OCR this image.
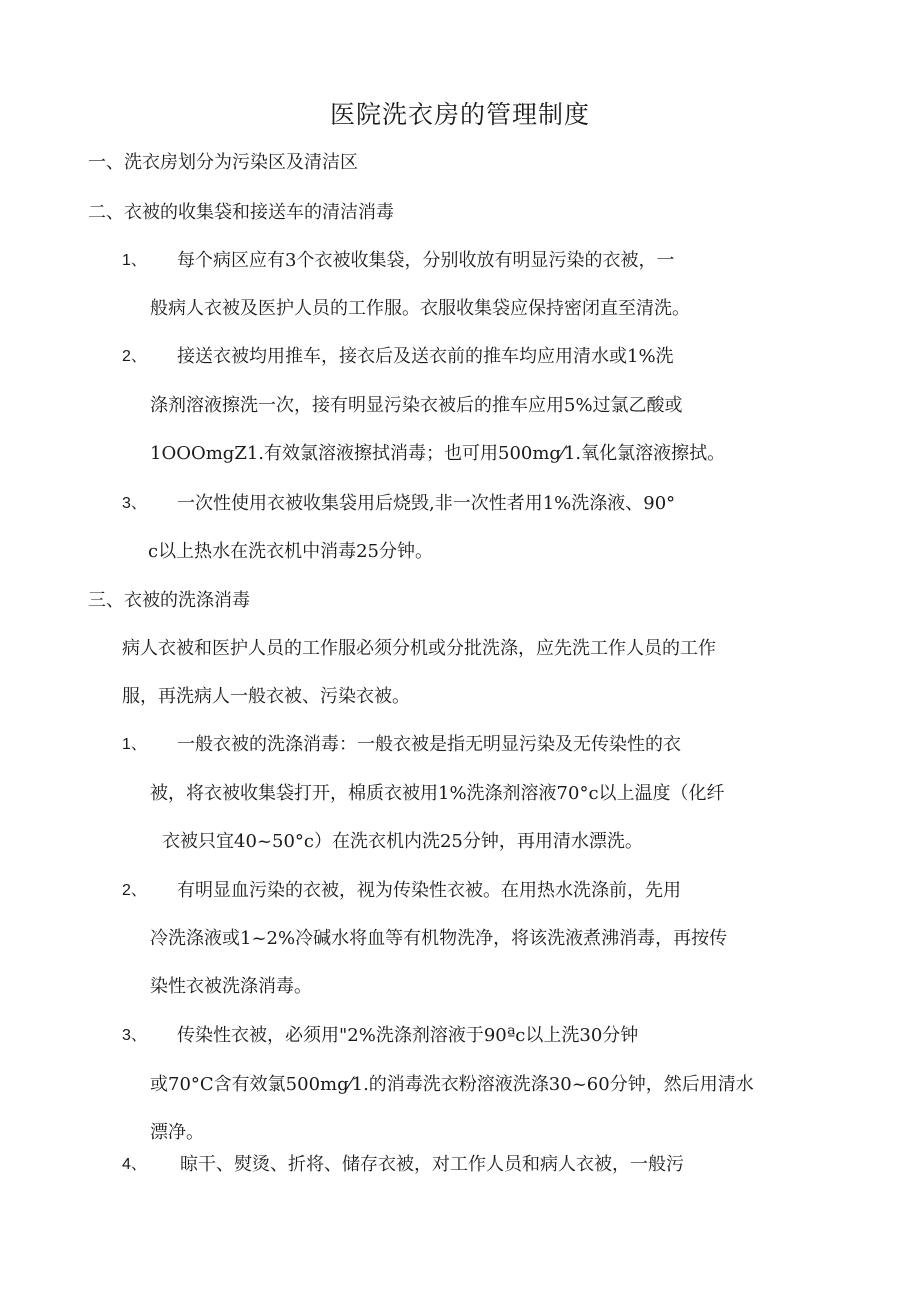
医院洗衣房的管理制度
一、洗衣房划分为污染区及清洁区
二、衣被的收集袋和接送车的清洁消毒
1、 每个病区应有3个衣被收集袋，分别收放有明显污染的衣被，一
般病人衣被及医护人员的工作服。衣服收集袋应保持密闭直至清洗。
2、 接送衣被均用推车，接衣后及送衣前的推车均应用清水或1%洗
涤剂溶液擦洗一次，接有明显污染衣被后的推车应用5%过氯乙酸或
1OOOmgZ1.有效氯溶液擦拭消毒；也可用500mg⁄1.氧化氯溶液擦拭。
3、 一次性使用衣被收集袋用后烧毁,非一次性者用1%洗涤液、90°
c以上热水在洗衣机中消毒25分钟。
三、衣被的洗涤消毒
病人衣被和医护人员的工作服必须分机或分批洗涤，应先洗工作人员的工作
服，再洗病人一般衣被、污染衣被。
1、 一般衣被的洗涤消毒：一般衣被是指无明显污染及无传染性的衣
被，将衣被收集袋打开，棉质衣被用1%洗涤剂溶液70°c以上温度（化纤
衣被只宜40~50°c）在洗衣机内洗25分钟，再用清水漂洗。
2、 有明显血污染的衣被，视为传染性衣被。在用热水洗涤前，先用
冷洗涤液或1~2%冷碱水将血等有机物洗净，将该洗液煮沸消毒，再按传
染性衣被洗涤消毒。
3、 传染性衣被，必须用"2%洗涤剂溶液于90ªc以上洗30分钟
或70°C含有效氯500mg⁄1.的消毒洗衣粉溶液洗涤30~60分钟，然后用清水
漂净。
4、 晾干、熨烫、折将、储存衣被，对工作人员和病人衣被，一般污
